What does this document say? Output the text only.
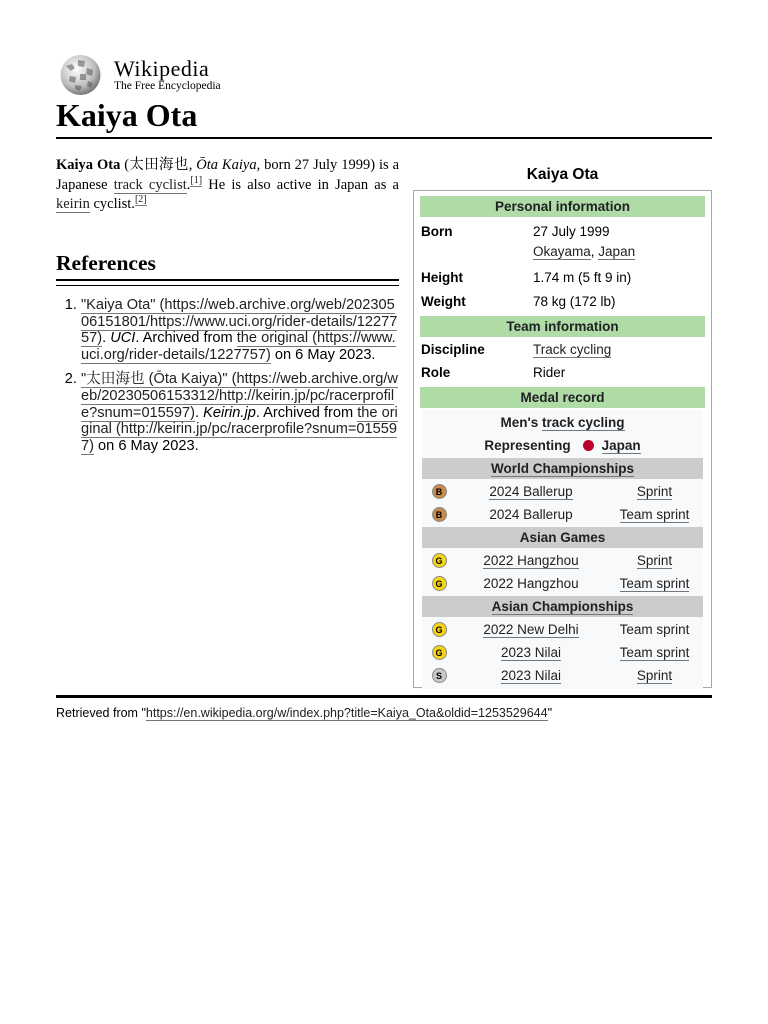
Wikipedia
The Free Encyclopedia
Kaiya Ota
Kaiya Ota (太田海也, Ōta Kaiya, born 27 July 1999) is a Japanese track cyclist.[1] He is also active in Japan as a keirin cyclist.[2]
References
1. "Kaiya Ota" (https://web.archive.org/web/20230506151801/https://www.uci.org/rider-details/1227757). UCI. Archived from the original (https://www.uci.org/rider-details/1227757) on 6 May 2023.
2. "太田海也 (Ōta Kaiya)" (https://web.archive.org/web/20230506153312/http://keirin.jp/pc/racerprofile?snum=015597). Keirin.jp. Archived from the original (http://keirin.jp/pc/racerprofile?snum=015597) on 6 May 2023.
Kaiya Ota
Personal information
Born	27 July 1999
Okayama, Japan
Height	1.74 m (5 ft 9 in)
Weight	78 kg (172 lb)
Team information
Discipline	Track cycling
Role	Rider
Medal record
Men's track cycling
Representing Japan
World Championships
B	2024 Ballerup	Sprint
B	2024 Ballerup	Team sprint
Asian Games
G	2022 Hangzhou	Sprint
G	2022 Hangzhou	Team sprint
Asian Championships
G	2022 New Delhi	Team sprint
G	2023 Nilai	Team sprint
S	2023 Nilai	Sprint
Retrieved from "https://en.wikipedia.org/w/index.php?title=Kaiya_Ota&oldid=1253529644"
